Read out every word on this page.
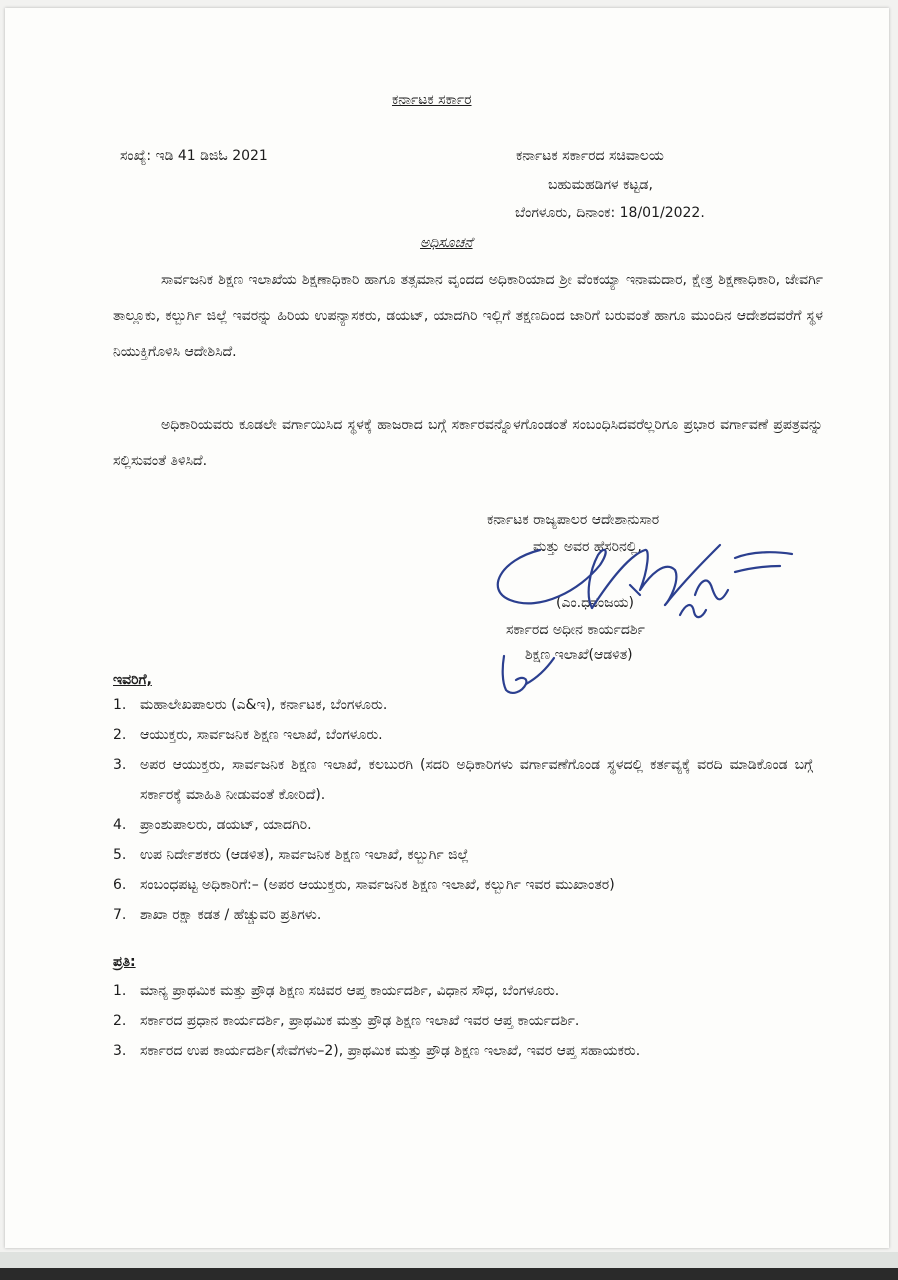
ಕರ್ನಾಟಕ ಸರ್ಕಾರ
ಸಂಖ್ಯೆ: ಇಡಿ 41 ಡಿಜಿಓ 2021	ಕರ್ನಾಟಕ ಸರ್ಕಾರದ ಸಚಿವಾಲಯ
ಬಹುಮಹಡಿಗಳ ಕಟ್ಟಡ,
ಬೆಂಗಳೂರು, ದಿನಾಂಕ: 18/01/2022.
ಅಧಿಸೂಚನೆ
ಸಾರ್ವಜನಿಕ ಶಿಕ್ಷಣ ಇಲಾಖೆಯ ಶಿಕ್ಷಣಾಧಿಕಾರಿ ಹಾಗೂ ತತ್ಸಮಾನ ವೃಂದದ ಅಧಿಕಾರಿಯಾದ ಶ್ರೀ ವೆಂಕಯ್ಯಾ ಇನಾಮದಾರ, ಕ್ಷೇತ್ರ ಶಿಕ್ಷಣಾಧಿಕಾರಿ, ಜೇವರ್ಗಿ ತಾಲ್ಲೂಕು, ಕಲ್ಬುರ್ಗಿ ಜಿಲ್ಲೆ ಇವರನ್ನು ಹಿರಿಯ ಉಪನ್ಯಾಸಕರು, ಡಯಟ್, ಯಾದಗಿರಿ ಇಲ್ಲಿಗೆ ತಕ್ಷಣದಿಂದ ಜಾರಿಗೆ ಬರುವಂತೆ ಹಾಗೂ ಮುಂದಿನ ಆದೇಶದವರೆಗೆ ಸ್ಥಳ ನಿಯುಕ್ತಿಗೊಳಿಸಿ ಆದೇಶಿಸಿದೆ.
ಅಧಿಕಾರಿಯವರು ಕೂಡಲೇ ವರ್ಗಾಯಿಸಿದ ಸ್ಥಳಕ್ಕೆ ಹಾಜರಾದ ಬಗ್ಗೆ ಸರ್ಕಾರವನ್ನೊಳಗೊಂಡಂತೆ ಸಂಬಂಧಿಸಿದವರೆಲ್ಲರಿಗೂ ಪ್ರಭಾರ ವರ್ಗಾವಣೆ ಪ್ರಪತ್ರವನ್ನು ಸಲ್ಲಿಸುವಂತೆ ತಿಳಿಸಿದೆ.
ಕರ್ನಾಟಕ ರಾಜ್ಯಪಾಲರ ಆದೇಶಾನುಸಾರ
ಮತ್ತು ಅವರ ಹೆಸರಿನಲ್ಲಿ,
(ಎಂ.ಧನಂಜಯ)
ಸರ್ಕಾರದ ಅಧೀನ ಕಾರ್ಯದರ್ಶಿ
ಶಿಕ್ಷಣ ಇಲಾಖೆ(ಆಡಳಿತ)
ಇವರಿಗೆ,
1. ಮಹಾಲೇಖಪಾಲರು (ಎ&ಇ), ಕರ್ನಾಟಕ, ಬೆಂಗಳೂರು.
2. ಆಯುಕ್ತರು, ಸಾರ್ವಜನಿಕ ಶಿಕ್ಷಣ ಇಲಾಖೆ, ಬೆಂಗಳೂರು.
3. ಅಪರ ಆಯುಕ್ತರು, ಸಾರ್ವಜನಿಕ ಶಿಕ್ಷಣ ಇಲಾಖೆ, ಕಲಬುರಗಿ (ಸದರಿ ಅಧಿಕಾರಿಗಳು ವರ್ಗಾವಣೆಗೊಂಡ ಸ್ಥಳದಲ್ಲಿ ಕರ್ತವ್ಯಕ್ಕೆ ವರದಿ ಮಾಡಿಕೊಂಡ ಬಗ್ಗೆ ಸರ್ಕಾರಕ್ಕೆ ಮಾಹಿತಿ ನೀಡುವಂತೆ ಕೋರಿದೆ).
4. ಪ್ರಾಂಶುಪಾಲರು, ಡಯಟ್, ಯಾದಗಿರಿ.
5. ಉಪ ನಿರ್ದೇಶಕರು (ಆಡಳಿತ), ಸಾರ್ವಜನಿಕ ಶಿಕ್ಷಣ ಇಲಾಖೆ, ಕಲ್ಬುರ್ಗಿ ಜಿಲ್ಲೆ
6. ಸಂಬಂಧಪಟ್ಟ ಅಧಿಕಾರಿಗೆ:– (ಅಪರ ಆಯುಕ್ತರು, ಸಾರ್ವಜನಿಕ ಶಿಕ್ಷಣ ಇಲಾಖೆ, ಕಲ್ಬುರ್ಗಿ ಇವರ ಮುಖಾಂತರ)
7. ಶಾಖಾ ರಕ್ಷಾ ಕಡತ / ಹೆಚ್ಚುವರಿ ಪ್ರತಿಗಳು.
ಪ್ರತಿ:
1. ಮಾನ್ಯ ಪ್ರಾಥಮಿಕ ಮತ್ತು ಪ್ರೌಢ ಶಿಕ್ಷಣ ಸಚಿವರ ಆಪ್ತ ಕಾರ್ಯದರ್ಶಿ, ವಿಧಾನ ಸೌಧ, ಬೆಂಗಳೂರು.
2. ಸರ್ಕಾರದ ಪ್ರಧಾನ ಕಾರ್ಯದರ್ಶಿ, ಪ್ರಾಥಮಿಕ ಮತ್ತು ಪ್ರೌಢ ಶಿಕ್ಷಣ ಇಲಾಖೆ ಇವರ ಆಪ್ತ ಕಾರ್ಯದರ್ಶಿ.
3. ಸರ್ಕಾರದ ಉಪ ಕಾರ್ಯದರ್ಶಿ(ಸೇವೆಗಳು–2), ಪ್ರಾಥಮಿಕ ಮತ್ತು ಪ್ರೌಢ ಶಿಕ್ಷಣ ಇಲಾಖೆ, ಇವರ ಆಪ್ತ ಸಹಾಯಕರು.
